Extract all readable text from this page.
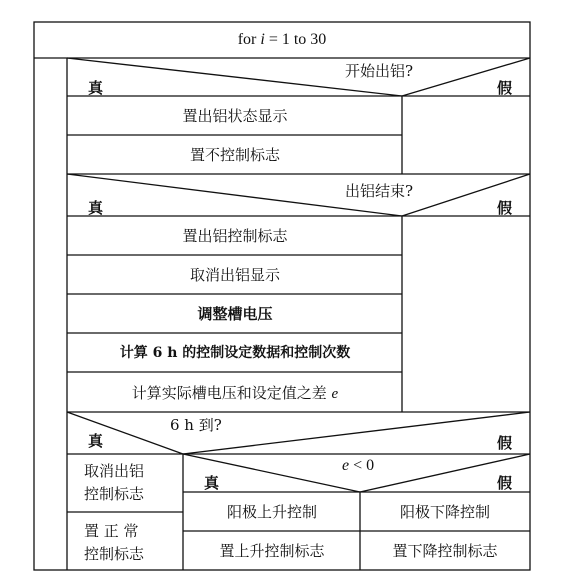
for i = 1 to 30
开始出铝?
真	假
置出铝状态显示
置不控制标志
出铝结束?
真	假
置出铝控制标志
取消出铝显示
调整槽电压
计算 6 h 的控制设定数据和控制次数
计算实际槽电压和设定值之差 e
6 h 到?
真	假
取消出铝
控制标志
置 正 常
控制标志
e < 0
真	假
阳极上升控制
置上升控制标志
阳极下降控制
置下降控制标志
